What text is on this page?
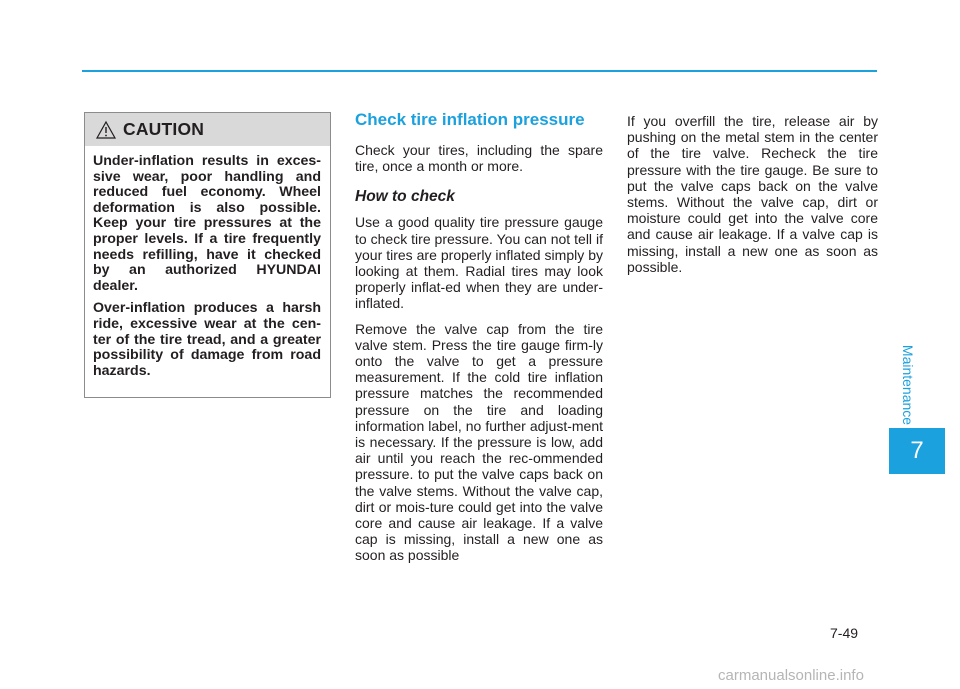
CAUTION

Under-inflation results in exces-sive wear, poor handling and reduced fuel economy. Wheel deformation is also possible. Keep your tire pressures at the proper levels. If a tire frequently needs refilling, have it checked by an authorized HYUNDAI dealer.

Over-inflation produces a harsh ride, excessive wear at the cen-ter of the tire tread, and a greater possibility of damage from road hazards.

Check tire inflation pressure

Check your tires, including the spare tire, once a month or more.

How to check

Use a good quality tire pressure gauge to check tire pressure. You can not tell if your tires are properly inflated simply by looking at them. Radial tires may look properly inflat-ed when they are under-inflated.

Remove the valve cap from the tire valve stem. Press the tire gauge firm-ly onto the valve to get a pressure measurement. If the cold tire inflation pressure matches the recommended pressure on the tire and loading information label, no further adjust-ment is necessary. If the pressure is low, add air until you reach the rec-ommended pressure. to put the valve caps back on the valve stems. Without the valve cap, dirt or mois-ture could get into the valve core and cause air leakage. If a valve cap is missing, install a new one as soon as possible

If you overfill the tire, release air by pushing on the metal stem in the center of the tire valve. Recheck the tire pressure with the tire gauge. Be sure to put the valve caps back on the valve stems. Without the valve cap, dirt or moisture could get into the valve core and cause air leakage. If a valve cap is missing, install a new one as soon as possible.

Maintenance
7
7-49
carmanualsonline.info
